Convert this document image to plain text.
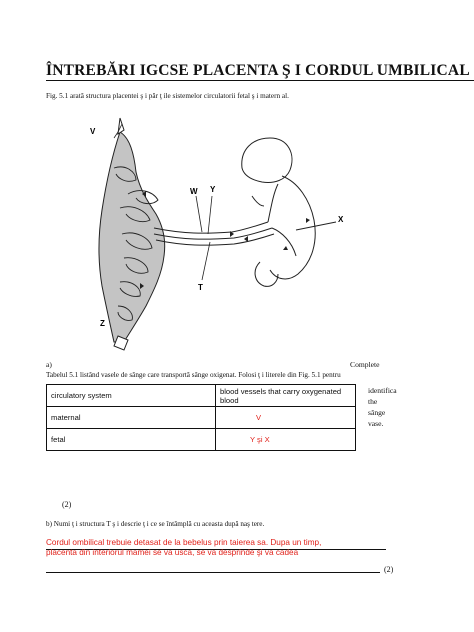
ÎNTREBĂRI IGCSE PLACENTA Ş I CORDUL UMBILICAL
Fig. 5.1 arată structura placentei ş i păr ţ ile sistemelor circulatorii fetal ş i matern al.
V
W Y
X
T
Z
a)	Complete
Tabelul 5.1 listând vasele de sânge care transportă sânge oxigenat. Folosi ţ i literele din Fig. 5.1 pentru
identifica
the
sânge
vase.
circulatory system	blood vessels that carry oxygenated blood
maternal	V
fetal	Y şi X
(2)
b) Numi ţ i structura T ş i descrie ţ i ce se întâmplă cu aceasta după naş tere.
Cordul ombilical trebuie detasat de la bebelus prin taierea sa. Dupa un timp,
placenta din interiorul mamei se va usca, se va desprinde şi va cadea
(2)
